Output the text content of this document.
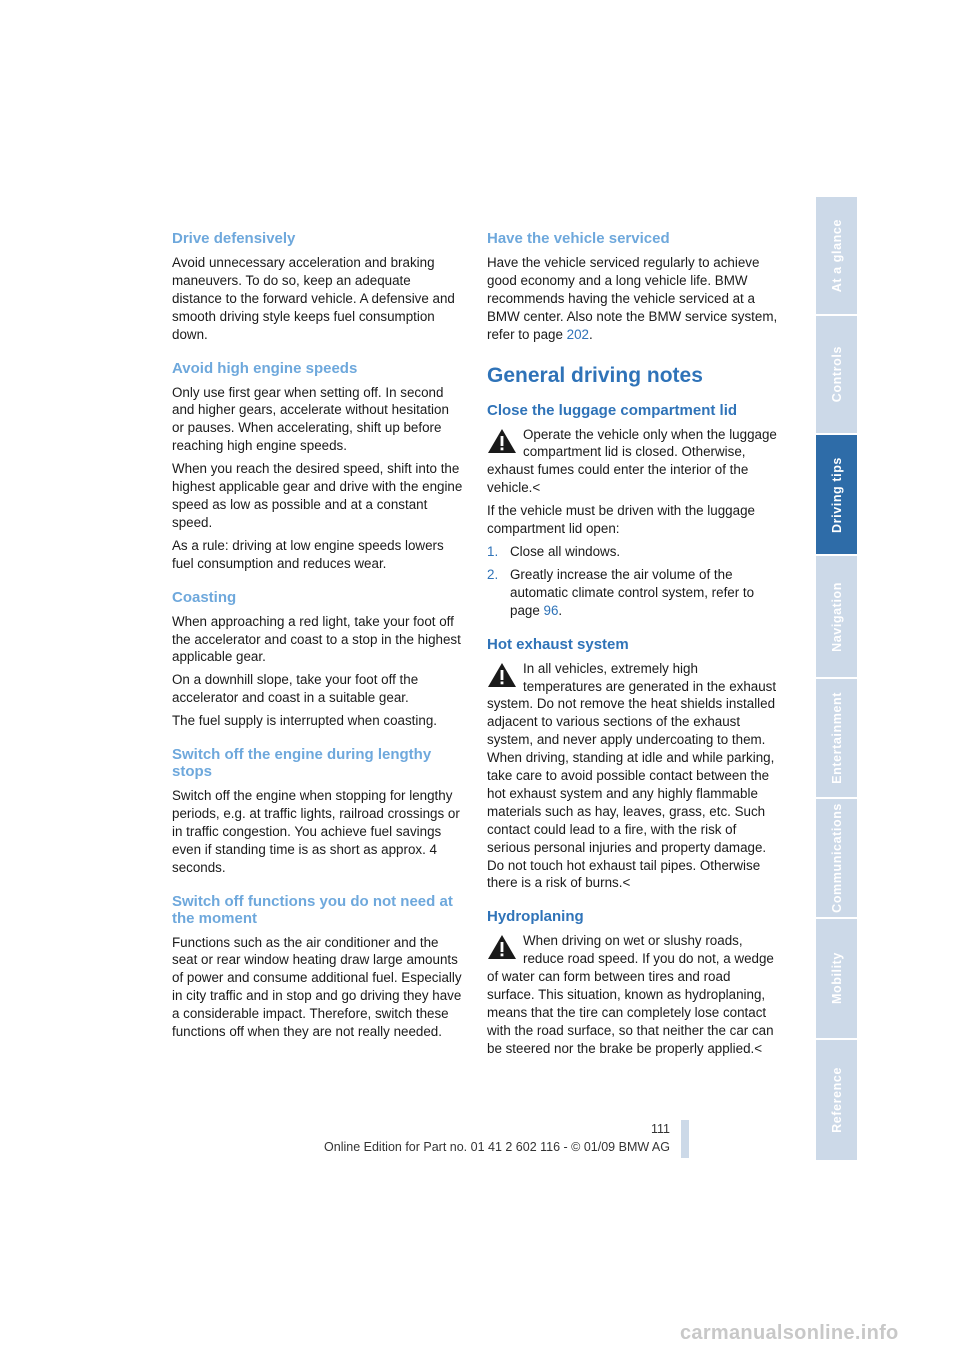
Drive defensively

Avoid unnecessary acceleration and braking maneuvers. To do so, keep an adequate distance to the forward vehicle. A defensive and smooth driving style keeps fuel consumption down.

Avoid high engine speeds

Only use first gear when setting off. In second and higher gears, accelerate without hesitation or pauses. When accelerating, shift up before reaching high engine speeds.

When you reach the desired speed, shift into the highest applicable gear and drive with the engine speed as low as possible and at a constant speed.

As a rule: driving at low engine speeds lowers fuel consumption and reduces wear.

Coasting

When approaching a red light, take your foot off the accelerator and coast to a stop in the highest applicable gear.

On a downhill slope, take your foot off the accelerator and coast in a suitable gear.

The fuel supply is interrupted when coasting.

Switch off the engine during lengthy stops

Switch off the engine when stopping for lengthy periods, e.g. at traffic lights, railroad crossings or in traffic congestion. You achieve fuel savings even if standing time is as short as approx. 4 seconds.

Switch off functions you do not need at the moment

Functions such as the air conditioner and the seat or rear window heating draw large amounts of power and consume additional fuel. Especially in city traffic and in stop and go driving they have a considerable impact. Therefore, switch these functions off when they are not really needed.

Have the vehicle serviced

Have the vehicle serviced regularly to achieve good economy and a long vehicle life. BMW recommends having the vehicle serviced at a BMW center. Also note the BMW service system, refer to page 202.

General driving notes
Close the luggage compartment lid
Operate the vehicle only when the luggage compartment lid is closed. Otherwise, exhaust fumes could enter the interior of the vehicle.<

If the vehicle must be driven with the luggage compartment lid open:

1. Close all windows.
2. Greatly increase the air volume of the automatic climate control system, refer to page 96.
Hot exhaust system
In all vehicles, extremely high temperatures are generated in the exhaust system. Do not remove the heat shields installed adjacent to various sections of the exhaust system, and never apply undercoating to them. When driving, standing at idle and while parking, take care to avoid possible contact between the hot exhaust system and any highly flammable materials such as hay, leaves, grass, etc. Such contact could lead to a fire, with the risk of serious personal injuries and property damage. Do not touch hot exhaust tail pipes. Otherwise there is a risk of burns.<
Hydroplaning
When driving on wet or slushy roads, reduce road speed. If you do not, a wedge of water can form between tires and road surface. This situation, known as hydroplaning, means that the tire can completely lose contact with the road surface, so that neither the car can be steered nor the brake be properly applied.<
At a glance
Controls
Driving tips
Navigation
Entertainment
Communications
Mobility
Reference
111
Online Edition for Part no. 01 41 2 602 116 - © 01/09 BMW AG
carmanualsonline.info
